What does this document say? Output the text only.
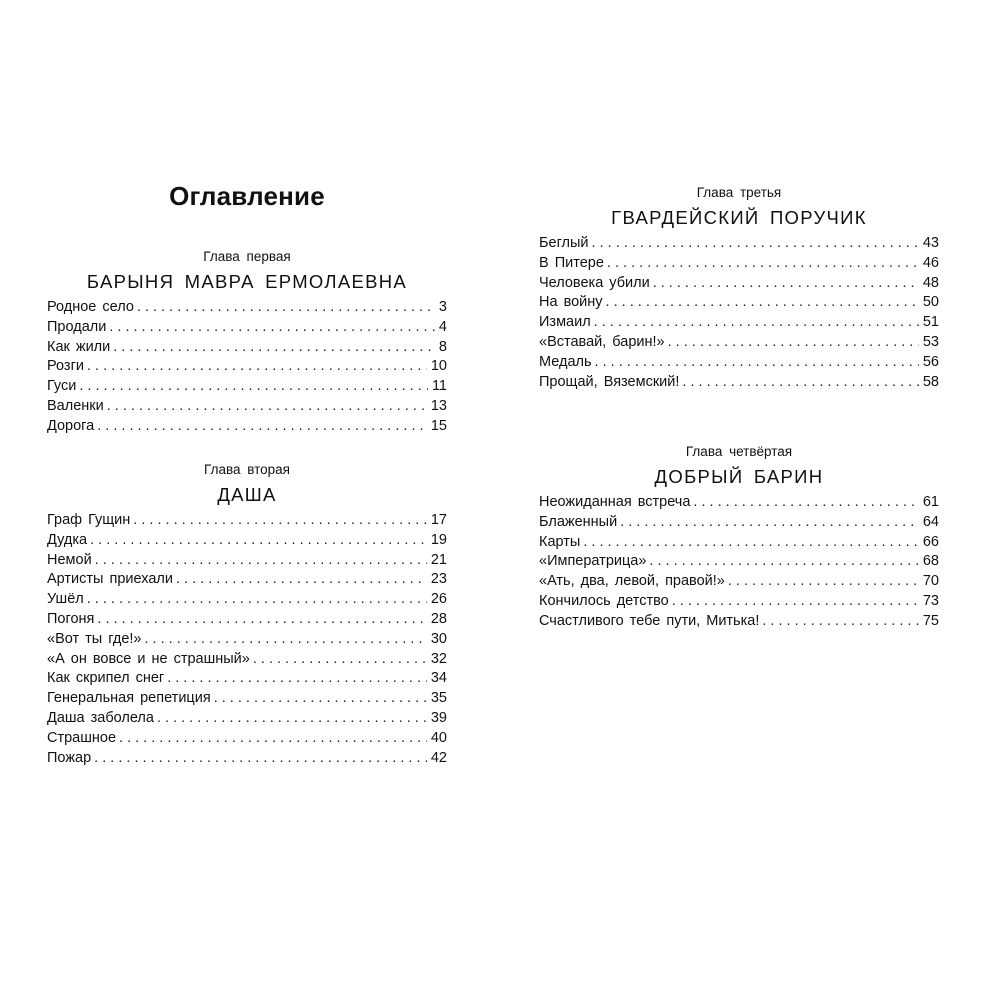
Оглавление
Глава первая
БАРЫНЯ МАВРА ЕРМОЛАЕВНА
Родное село . . .	3
Продали . . .	4
Как жили . . .	8
Розги . . .	10
Гуси . . .	11
Валенки . . .	13
Дорога . . .	15
Глава вторая
ДАША
Граф Гущин . . .	17
Дудка . . .	19
Немой . . .	21
Артисты приехали . . .	23
Ушёл . . .	26
Погоня . . .	28
«Вот ты где!» . . .	30
«А он вовсе и не страшный» . . .	32
Как скрипел снег . . .	34
Генеральная репетиция . . .	35
Даша заболела . . .	39
Страшное . . .	40
Пожар . . .	42
Глава третья
ГВАРДЕЙСКИЙ ПОРУЧИК
Беглый . . .	43
В Питере . . .	46
Человека убили . . .	48
На войну . . .	50
Измаил . . .	51
«Вставай, барин!» . . .	53
Медаль . . .	56
Прощай, Вяземский! . . .	58
Глава четвёртая
ДОБРЫЙ БАРИН
Неожиданная встреча . . .	61
Блаженный . . .	64
Карты . . .	66
«Императрица» . . .	68
«Ать, два, левой, правой!» . . .	70
Кончилось детство . . .	73
Счастливого тебе пути, Митька! . . .	75
